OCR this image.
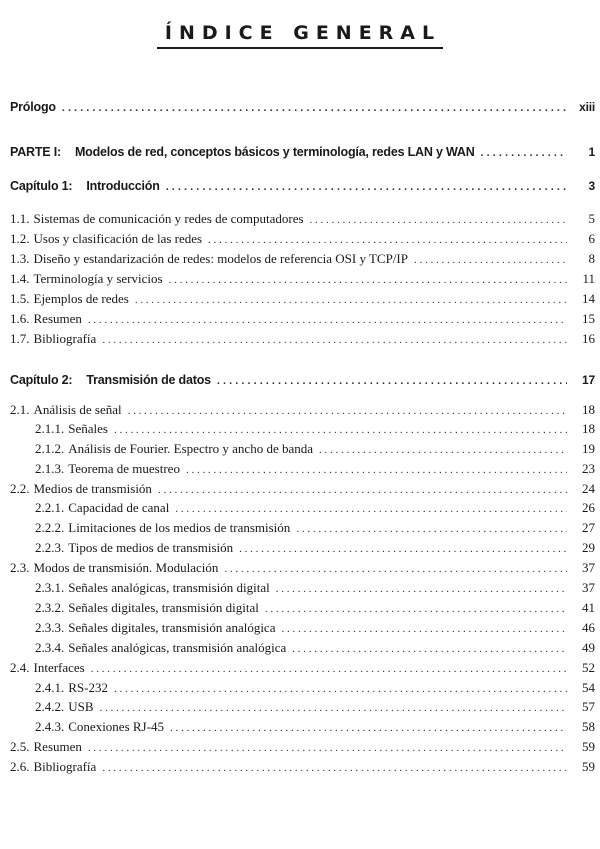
ÍNDICE GENERAL
Prólogo . . .	xiii
PARTE I: Modelos de red, conceptos básicos y terminología, redes LAN y WAN . . .	1
Capítulo 1: Introducción . . .	3
1.1. Sistemas de comunicación y redes de computadores . . .	5
1.2. Usos y clasificación de las redes . . .	6
1.3. Diseño y estandarización de redes: modelos de referencia OSI y TCP/IP . . .	8
1.4. Terminología y servicios . . .	11
1.5. Ejemplos de redes . . .	14
1.6. Resumen . . .	15
1.7. Bibliografía . . .	16
Capítulo 2: Transmisión de datos . . .	17
2.1. Análisis de señal . . .	18
2.1.1. Señales . . .	18
2.1.2. Análisis de Fourier. Espectro y ancho de banda . . .	19
2.1.3. Teorema de muestreo . . .	23
2.2. Medios de transmisión . . .	24
2.2.1. Capacidad de canal . . .	26
2.2.2. Limitaciones de los medios de transmisión . . .	27
2.2.3. Tipos de medios de transmisión . . .	29
2.3. Modos de transmisión. Modulación . . .	37
2.3.1. Señales analógicas, transmisión digital . . .	37
2.3.2. Señales digitales, transmisión digital . . .	41
2.3.3. Señales digitales, transmisión analógica . . .	46
2.3.4. Señales analógicas, transmisión analógica . . .	49
2.4. Interfaces . . .	52
2.4.1. RS-232 . . .	54
2.4.2. USB . . .	57
2.4.3. Conexiones RJ-45 . . .	58
2.5. Resumen . . .	59
2.6. Bibliografía . . .	59
